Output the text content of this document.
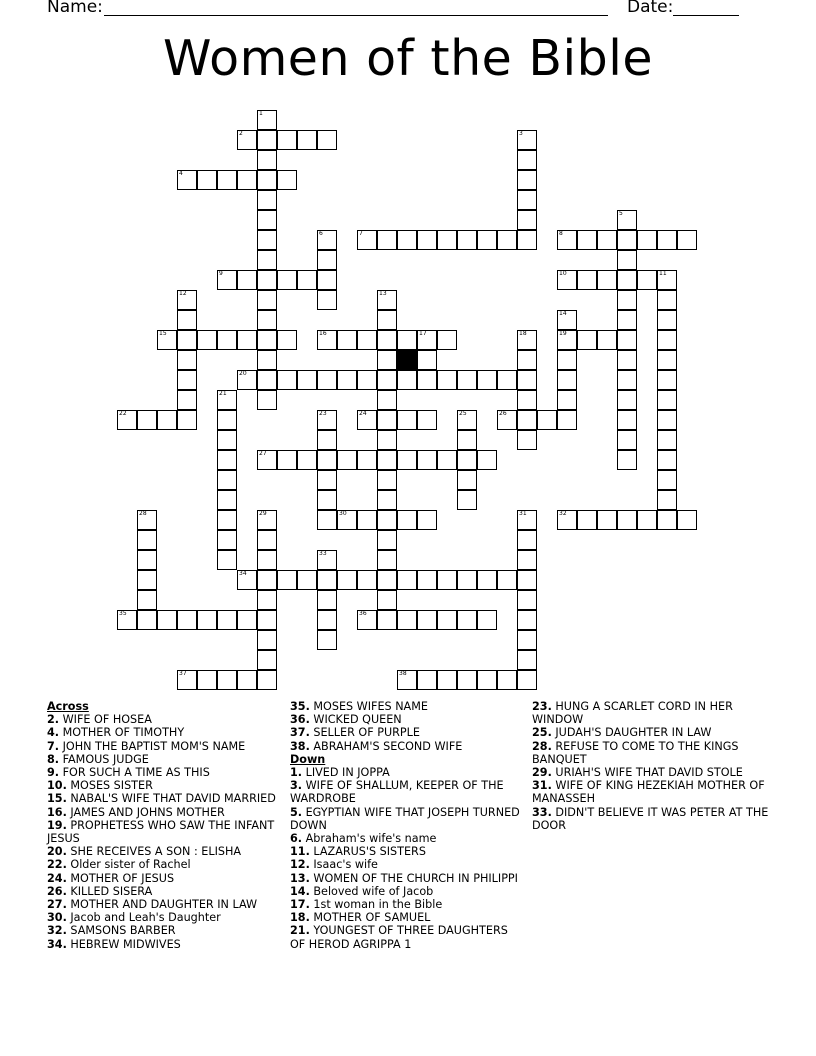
Name:	Date:
Women of the Bible
1
2	3
4
5
6	7	8
9	10	11
12	13
14
15	16	17	18	19
20
21
22	23	24	25	26
27
28	29	30	31	32
33
34
35	36
37	38
Across
2. WIFE OF HOSEA
4. MOTHER OF TIMOTHY
7. JOHN THE BAPTIST MOM'S NAME
8. FAMOUS JUDGE
9. FOR SUCH A TIME AS THIS
10. MOSES SISTER
15. NABAL'S WIFE THAT DAVID MARRIED
16. JAMES AND JOHNS MOTHER
19. PROPHETESS WHO SAW THE INFANT JESUS
20. SHE RECEIVES A SON : ELISHA
22. Older sister of Rachel
24. MOTHER OF JESUS
26. KILLED SISERA
27. MOTHER AND DAUGHTER IN LAW
30. Jacob and Leah's Daughter
32. SAMSONS BARBER
34. HEBREW MIDWIVES
35. MOSES WIFES NAME
36. WICKED QUEEN
37. SELLER OF PURPLE
38. ABRAHAM'S SECOND WIFE
Down
1. LIVED IN JOPPA
3. WIFE OF SHALLUM, KEEPER OF THE WARDROBE
5. EGYPTIAN WIFE THAT JOSEPH TURNED DOWN
6. Abraham's wife's name
11. LAZARUS'S SISTERS
12. Isaac's wife
13. WOMEN OF THE CHURCH IN PHILIPPI
14. Beloved wife of Jacob
17. 1st woman in the Bible
18. MOTHER OF SAMUEL
21. YOUNGEST OF THREE DAUGHTERS OF HEROD AGRIPPA 1
23. HUNG A SCARLET CORD IN HER WINDOW
25. JUDAH'S DAUGHTER IN LAW
28. REFUSE TO COME TO THE KINGS BANQUET
29. URIAH'S WIFE THAT DAVID STOLE
31. WIFE OF KING HEZEKIAH MOTHER OF MANASSEH
33. DIDN'T BELIEVE IT WAS PETER AT THE DOOR
